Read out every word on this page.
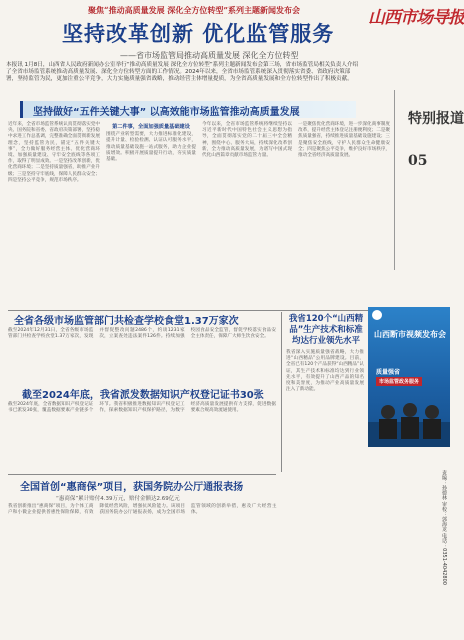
聚焦“推动高质量发展 深化全方位转型”系列主题新闻发布会	山西市场导报
坚持改革创新 优化监管服务
——省市场监管局推动高质量发展 深化全方位转型
本报讯 1月8日，山西省人民政府新闻办公室举行“推动高质量发展 深化全方位转型”系列主题新闻发布会第三场，省市场监管局相关负责人介绍了全省市场监管系统推动高质量发展、深化全方位转型方面的工作情况。2024年以来，全省市场监管系统深入贯彻落实省委、省政府决策部署，坚持监管为民，更加注重公平竞争，大力实施质量强省战略，推动经营主体增量提质，为全省高质量发展和全方位转型作出了积极贡献。
坚持做好“五件关键大事” 以高效能市场监管推动高质量发展	特别报道
05
近年来，全省市场监管系统认真贯彻落实党中央、国务院和省委、省政府决策部署，坚持稳中求进工作总基调，完整准确全面贯彻新发展理念，坚持监管为民，锚定“五件关键大事”，全力做好服务经营主体、优化营商环境、加强质量建设、守牢安全底线等各项工作，取得了明显成效。一是坚持改革创新，优化营商环境；二是坚持质量强省，助推产业升级；三是坚持守牢底线，保障人民群众安全；四是坚持公平竞争，规范市场秩序。
第二件事，全面加强质量基础建设
围绕产业转型需要，大力推进标准化建设，提升计量、检验检测、认证认可服务水平，推动质量基础设施一站式服务，助力企业提质增效。积极开展质量提升行动，夯实质量基础。
今年以来，全省市场监管系统将继续坚持以习近平新时代中国特色社会主义思想为指导，全面贯彻落实党的二十届三中全会精神，围绕中心、服务大局，持续深化改革创新，全力推动高质量发展，为谱写中国式现代化山西篇章贡献市场监管力量。
一是聚焦优化营商环境，进一步深化商事制度改革，提升经营主体登记注册便利度；二是聚焦质量强省，持续推进质量基础设施建设；三是聚焦安全底线，守护人民群众生命健康安全；四是聚焦公平竞争，维护良好市场秩序，推动全省经济高质量发展。
全省各级市场监管部门共检查学校食堂1.37万家次
截至2024年12月31日，全省各级市场监管部门共检查学校食堂1.37万家次，发现并督促整改问题2486个，约谈1231家次，立案查处违法案件126件。持续加强校园食品安全监管，督促学校落实食品安全主体责任，保障广大师生饮食安全。
截至2024年底，我省派发数据知识产权登记证书30张
截至2024年底，全省数据知识产权登记证书已派发30张，覆盖数据要素产业链多个环节。我省积极推进数据知识产权登记工作，探索数据知识产权保护路径，为数字经济高质量发展提供有力支撑，促进数据要素合规高效流通使用。
全国首创“惠商保”项目，获国务院办公厅通报表扬
“惠商保”累计赔付4.39万元，赔付金额达2.69亿元
我省创新推出“惠商保”项目，为个体工商户和小微企业提供普惠性保险保障，有效降低经营风险，增强抗风险能力。该项目获国务院办公厅通报表扬，成为全国市场监管领域的创新举措，惠及广大经营主体。
我省120个“山西精品”生产技术和标准均达行业领先水平
我省深入实施质量强省战略，大力推进“山西精品”公用品牌建设。目前，全省已有120个产品获得“山西精品”认证，其生产技术和标准均达到行业领先水平，有效提升了山西产品的知名度和美誉度，为推动产业高质量发展注入了新动能。
山西断市视频发布会
质量强省
市场监管政务服务
责编：孙德林 审校：郭海龙 电话：0351-4042800
